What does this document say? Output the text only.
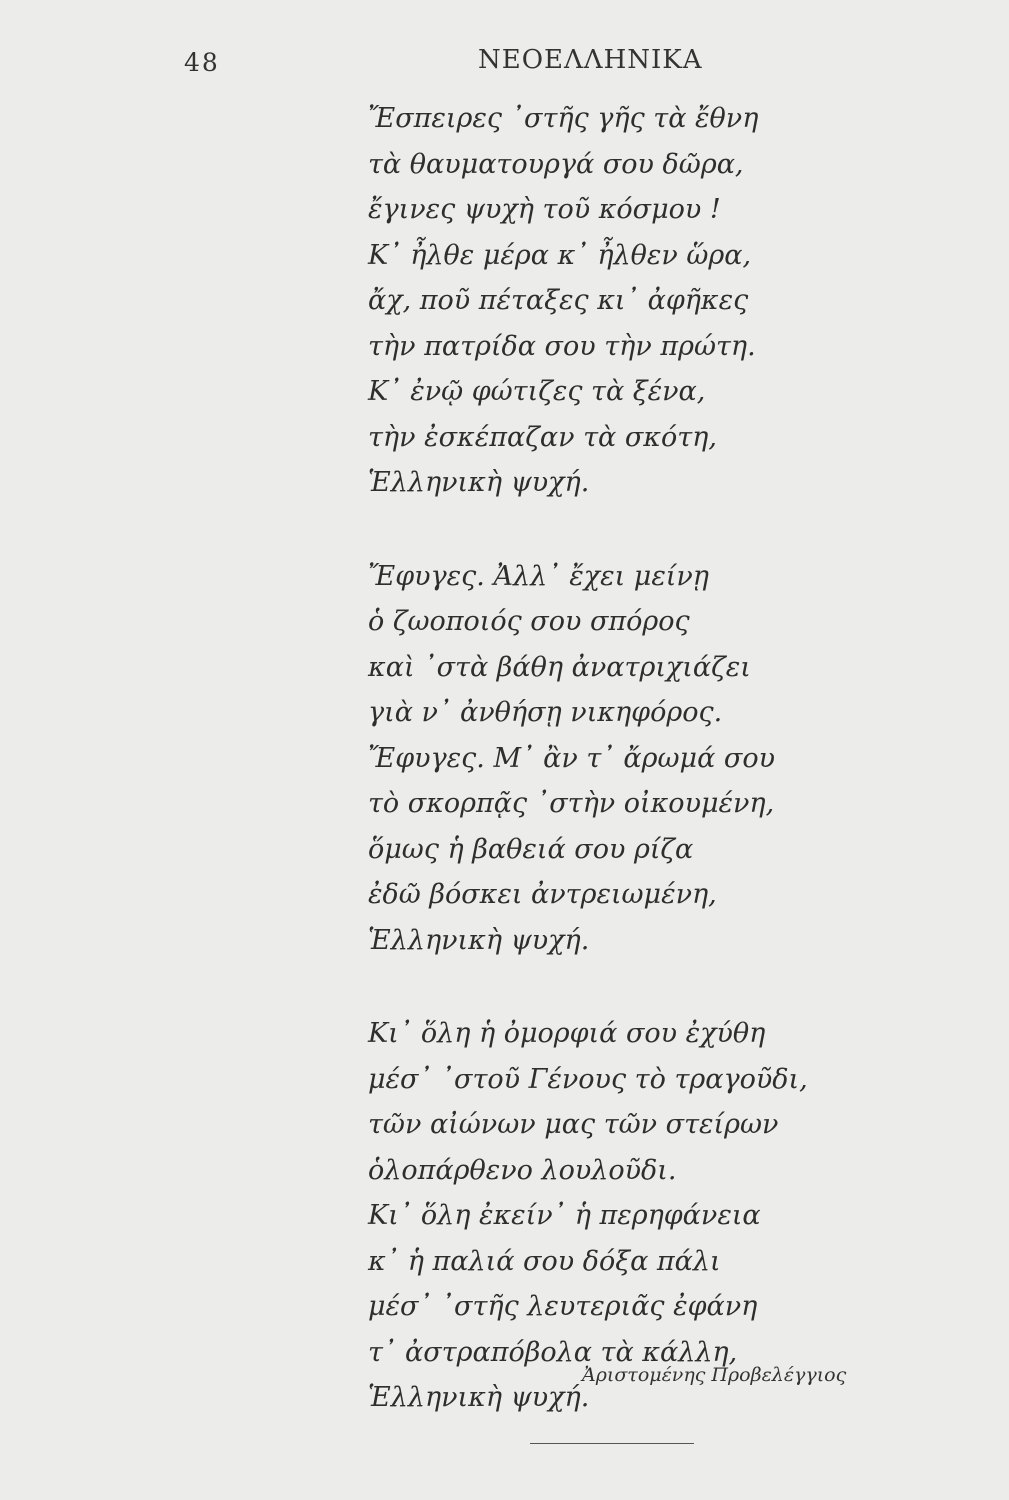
48	ΝΕΟΕΛΛΗΝΙΚΑ
Ἔσπειρες ᾽στῆς γῆς τὰ ἔθνη
τὰ θαυματουργά σου δῶρα,
ἔγινες ψυχὴ τοῦ κόσμου !
Κ᾽ ἦλθε μέρα κ᾽ ἦλθεν ὥρα,
ἄχ, ποῦ πέταξες κι᾽ ἀφῆκες
τὴν πατρίδα σου τὴν πρώτη.
Κ᾽ ἐνῷ φώτιζες τὰ ξένα,
τὴν ἐσκέπαζαν τὰ σκότη,
Ἑλληνικὴ ψυχή.
Ἔφυγες. Ἀλλ᾽ ἔχει μείνῃ
ὁ ζωοποιός σου σπόρος
καὶ ᾽στὰ βάθη ἀνατριχιάζει
γιὰ ν᾽ ἀνθήσῃ νικηφόρος.
Ἔφυγες. Μ᾽ ἂν τ᾽ ἄρωμά σου
τὸ σκορπᾷς ᾽στὴν οἰκουμένη,
ὅμως ἡ βαθειά σου ρίζα
ἐδῶ βόσκει ἀντρειωμένη,
Ἑλληνικὴ ψυχή.
Κι᾽ ὅλη ἡ ὀμορφιά σου ἐχύθη
μέσ᾽ ᾽στοῦ Γένους τὸ τραγοῦδι,
τῶν αἰώνων μας τῶν στείρων
ὁλοπάρθενο λουλοῦδι.
Κι᾽ ὅλη ἐκείν᾽ ἡ περηφάνεια
κ᾽ ἡ παλιά σου δόξα πάλι
μέσ᾽ ᾽στῆς λευτεριᾶς ἐφάνη
τ᾽ ἀστραπόβολα τὰ κάλλη,
Ἑλληνικὴ ψυχή.
Ἀριστομένης Προβελέγγιος
